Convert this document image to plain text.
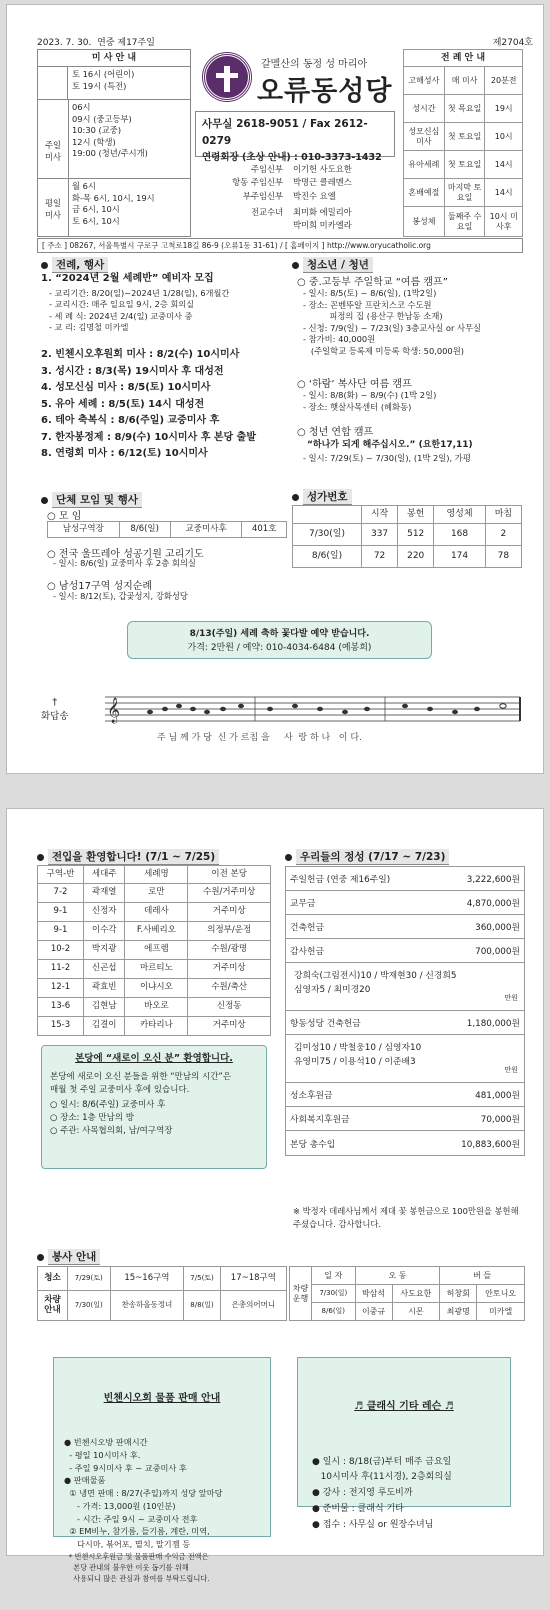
2023. 7. 30. 연중 제17주일	제2704호
미 사 안 내
토 16시 (어린이)
토 19시 (특전)
주일 미사
06시
09시 (중고등부)
10:30 (교중)
12시 (학생)
19:00 (청년/주시개)
평일 미사
월 6시
화-목 6시, 10시, 19시
금 6시, 10시
토 6시, 10시
갈멜산의 동정 성 마리아
오류동성당
사무실 2618-9051 / Fax 2612-0279
연령회장 (초상 안내) : 010-3373-1432
주임신부	이기헌 사도요한
항동 주임신부	박명근 클레멘스
부주임신부	박진수 요엘
전교수녀	최미화 에밀리아
박미희 미카엘라
전 례 안 내		
고해성사	매 미사	20분전
성시간	첫 목요일	19시
성모신심 미사	첫 토요일	10시
유아세례	첫 토요일	14시
혼배예절	마지막 토요일	14시
봉성체	둘째주 수요일	10시 미사후
[ 주소 ] 08267, 서울특별시 구로구 고척로18길 86-9 (오류1동 31-61) / [ 홈페이지 ] http://www.oryucatholic.org
전례, 행사
1. “2024년 2월 세례반” 예비자 모집
- 교리기간: 8/20(일)~2024년 1/28(일), 6개월간
- 교리시간: 매주 일요일 9시, 2층 회의실
- 세 례 식: 2024년 2/4(일) 교중미사 중
- 교 리: 김명철 미카엘
2. 빈첸시오후원회 미사 : 8/2(수) 10시미사
3. 성시간 : 8/3(목) 19시미사 후 대성전
4. 성모신심 미사 : 8/5(토) 10시미사
5. 유아 세례 : 8/5(토) 14시 대성전
6. 테아 축복식 : 8/6(주일) 교중미사 후
7. 한자봉정제 : 8/9(수) 10시미사 후 본당 출발
8. 연령회 미사 : 6/12(토) 10시미사
단체 모임 및 행사
○ 모 임
남성구역장	8/6(일)	교중미사후	401호
○ 전국 울뜨레아 성공기원 고리기도
- 일시: 8/6(일) 교중미사 후 2층 회의실
○ 남성17구역 성지순례
- 일시: 8/12(토), 갑곶성지, 강화성당
청소년 / 청년
○ 중.고등부 주일학교 “여름 캠프”
- 일시: 8/5(토) ~ 8/6(일), (1박2일)
- 장소: 꼰벤뚜알 프란치스코 수도원
피정의 집 (용산구 한남동 소재)
- 신청: 7/9(일) ~ 7/23(일) 3층교사실 or 사무실
- 참가비: 40,000원
(주일학교 등록제 미등록 학생: 50,000원)
○ ‘하람’ 복사단 여름 캠프
- 일시: 8/8(화) ~ 8/9(수) (1박 2일)
- 장소: 햇살사목센터 (혜화동)
○ 청년 연합 캠프
“하나가 되게 해주십시오.” (요한17,11)
- 일시: 7/29(토) ~ 7/30(일), (1박 2일), 가평
성가번호
	시작	봉헌	영성체	마침
7/30(일)	337	512	168	2
8/6(일)	72	220	174	78
8/13(주일) 세례 축하 꽃다발 예약 받습니다.
가격: 2만원 / 예약: 010-4034-6484 (예봉희)
†
화답송 𝄞
주 님 께 가 당  신 가 르침 을     사  랑 하 나   이 다.
전입을 환영합니다! (7/1 ~ 7/25)
구역-반	세대주	세례명	이전 본당
7-2	곽재열	로만	수원/거주미상
9-1	신정자	데레사	거주미상
9-1	이수각	F.사베리오	의정부/운정
10-2	박지광	에프렘	수원/광명
11-2	신곤섭	마르티노	거주미상
12-1	곽효빈	이냐시오	수원/축산
13-6	김현남	바오로	신정동
15-3	김결이	카타리나	거주미상
본당에 “새로이 오신 분” 환영합니다.
본당에 새로이 오신 분들을 위한 “만남의 시간”은
매월 첫 주일 교중미사 후에 있습니다.
○ 일시: 8/6(주일) 교중미사 후
○ 장소: 1층 만남의 방
○ 주관: 사목협의회, 남/여구역장
우리들의 정성 (7/17 ~ 7/23)
주일헌금 (연중 제16주일)	3,222,600원
교무금	4,870,000원
건축헌금	360,000원
감사헌금	700,000원
강희숙(그림전시)10 / 박재현30 / 신경희5
심영자5 / 최미경20
만원
항동성당 건축헌금	1,180,000원
김미성10 / 박철웅10 / 심영자10
유영미75 / 이용석10 / 이준배3
만원
성소후원금	481,000원
사회복지후원금	70,000원
본당 총수입	10,883,600원
※ 박정자 데레사님께서 제대 꽃 봉헌금으로 100만원을 봉헌해 주셨습니다. 감사합니다.
봉사 안내
청소	7/29(토)	15~16구역	7/5(토)	17~18구역
차량 안내	7/30(일)	찬송하올동정녀	8/8(일)	은총의어머니
차량 운행	일 자	오 동		버 들	
	7/30(일)	박삼석	사도요한	허창회	안토니오
	8/6(일)	이중규	시몬	최광명	미카엘

빈첸시오회 물품 판매 안내

● 빈첸시오방 판매시간
- 평일 10시미사 후.
- 주일 9시미사 후 ~ 교중미사 후
● 판매물품
① 냉면 판매 : 8/27(주일)까지 성당 앞마당
- 가격: 13,000원 (10인분)
- 시간: 주일 9시 ~ 교중미사 전후
② EM비누, 참기름, 들기름, 계란, 미역,
다시마, 볶어포, 멸치, 말기젬 등
* 빈첸시오후원금 및 물품판매 수익금 전액은
본당 관내의 불우한 이웃 돕기를 위해
사용되니 많은 관심과 참여를 부탁드립니다.

♬ 클래식 기타 레슨 ♬

● 일시 : 8/18(금)부터 매주 금요일
10시미사 후(11시경), 2층회의실
● 강사 : 전지영 루도비까
● 준비물 : 클래식 기타
● 접수 : 사무실 or 원장수녀님
